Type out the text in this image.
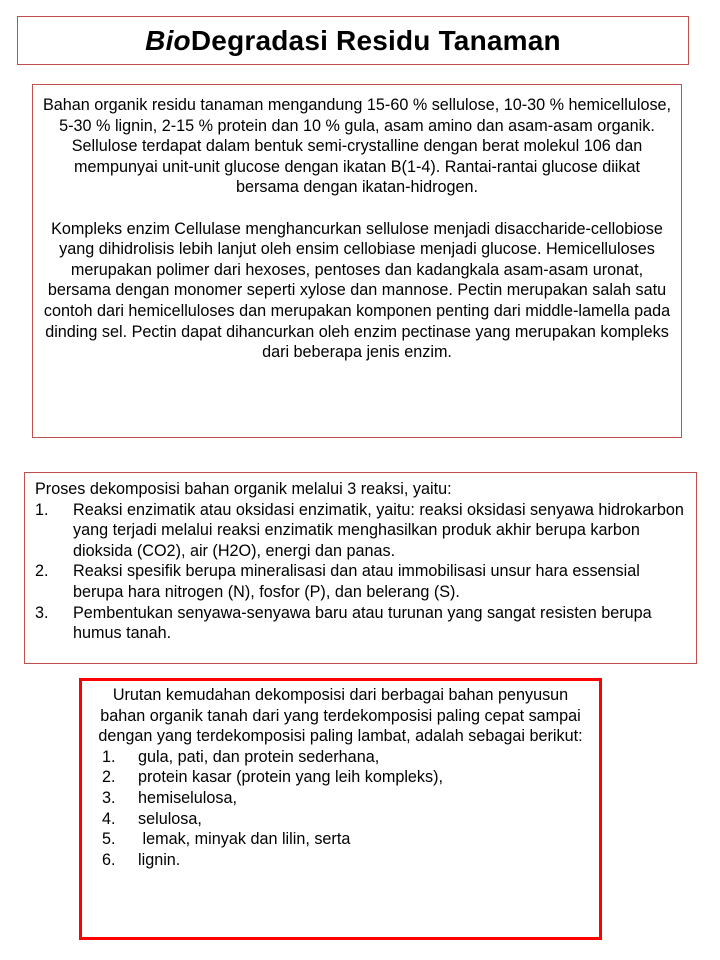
BioDegradasi Residu Tanaman

Bahan organik residu tanaman mengandung 15-60 % sellulose, 10-30 % hemicellulose, 5-30 % lignin, 2-15 % protein dan 10 % gula, asam amino dan asam-asam organik. Sellulose terdapat dalam bentuk semi-crystalline dengan berat molekul 106 dan mempunyai unit-unit glucose dengan ikatan B(1-4). Rantai-rantai glucose diikat bersama dengan ikatan-hidrogen.

Kompleks enzim Cellulase menghancurkan sellulose menjadi disaccharide-cellobiose yang dihidrolisis lebih lanjut oleh ensim cellobiase menjadi glucose. Hemicelluloses merupakan polimer dari hexoses, pentoses dan kadangkala asam-asam uronat, bersama dengan monomer seperti xylose dan mannose. Pectin merupakan salah satu contoh dari hemicelluloses dan merupakan komponen penting dari middle-lamella pada dinding sel. Pectin dapat dihancurkan oleh enzim pectinase yang merupakan kompleks dari beberapa jenis enzim.

Proses dekomposisi bahan organik melalui 3 reaksi, yaitu:

1.	Reaksi enzimatik atau oksidasi enzimatik, yaitu: reaksi oksidasi senyawa hidrokarbon yang terjadi melalui reaksi enzimatik menghasilkan produk akhir berupa karbon dioksida (CO2), air (H2O), energi dan panas.
2.	Reaksi spesifik berupa mineralisasi dan atau immobilisasi unsur hara essensial berupa hara nitrogen (N), fosfor (P), dan belerang (S).
3.	Pembentukan senyawa-senyawa baru atau turunan yang sangat resisten berupa humus tanah.

Urutan kemudahan dekomposisi dari berbagai bahan penyusun bahan organik tanah dari yang terdekomposisi paling cepat sampai dengan yang terdekomposisi paling lambat, adalah sebagai berikut:

1.	gula, pati, dan protein sederhana,
2.	protein kasar (protein yang leih kompleks),
3.	hemiselulosa,
4.	selulosa,
5.	lemak, minyak dan lilin, serta
6.	lignin.
